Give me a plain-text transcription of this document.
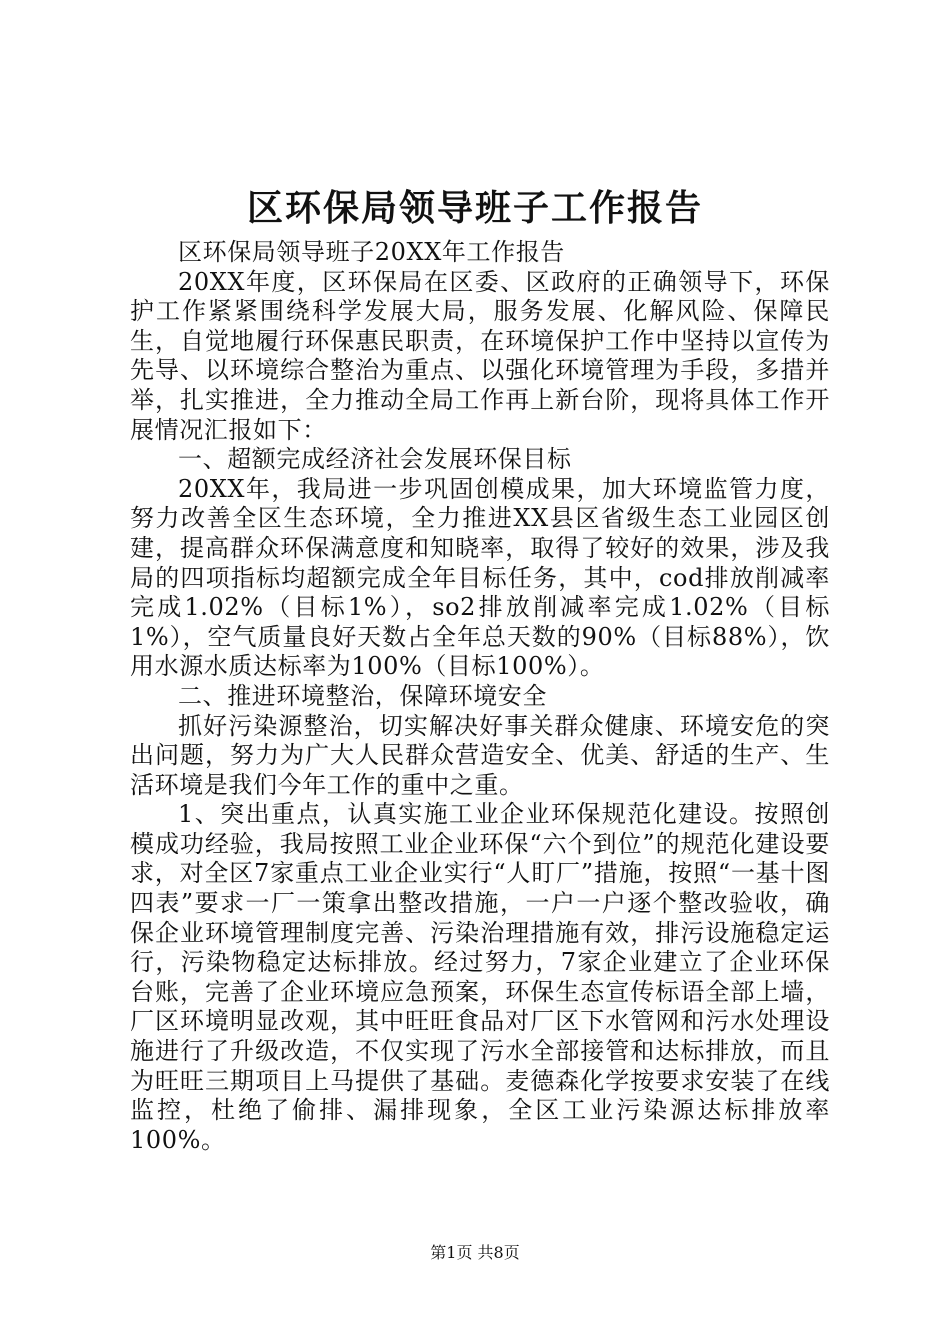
区环保局领导班子工作报告

区环保局领导班子20XX年工作报告

20XX年度，区环保局在区委、区政府的正确领导下，环保护工作紧紧围绕科学发展大局，服务发展、化解风险、保障民生，自觉地履行环保惠民职责，在环境保护工作中坚持以宣传为先导、以环境综合整治为重点、以强化环境管理为手段，多措并举，扎实推进，全力推动全局工作再上新台阶，现将具体工作开展情况汇报如下：

一、超额完成经济社会发展环保目标

20XX年，我局进一步巩固创模成果，加大环境监管力度，努力改善全区生态环境，全力推进XX县区省级生态工业园区创建，提高群众环保满意度和知晓率，取得了较好的效果，涉及我局的四项指标均超额完成全年目标任务，其中，cod排放削减率完成1.02%（目标1%），so2排放削减率完成1.02%（目标1%），空气质量良好天数占全年总天数的90%（目标88%），饮用水源水质达标率为100%（目标100%）。

二、推进环境整治，保障环境安全

抓好污染源整治，切实解决好事关群众健康、环境安危的突出问题，努力为广大人民群众营造安全、优美、舒适的生产、生活环境是我们今年工作的重中之重。

1、突出重点，认真实施工业企业环保规范化建设。按照创模成功经验，我局按照工业企业环保“六个到位”的规范化建设要求，对全区7家重点工业企业实行“人盯厂”措施，按照“一基十图四表”要求一厂一策拿出整改措施，一户一户逐个整改验收，确保企业环境管理制度完善、污染治理措施有效，排污设施稳定运行，污染物稳定达标排放。经过努力，7家企业建立了企业环保台账，完善了企业环境应急预案，环保生态宣传标语全部上墙，厂区环境明显改观，其中旺旺食品对厂区下水管网和污水处理设施进行了升级改造，不仅实现了污水全部接管和达标排放，而且为旺旺三期项目上马提供了基础。麦德森化学按要求安装了在线监控，杜绝了偷排、漏排现象，全区工业污染源达标排放率100%。

第1页 共8页
